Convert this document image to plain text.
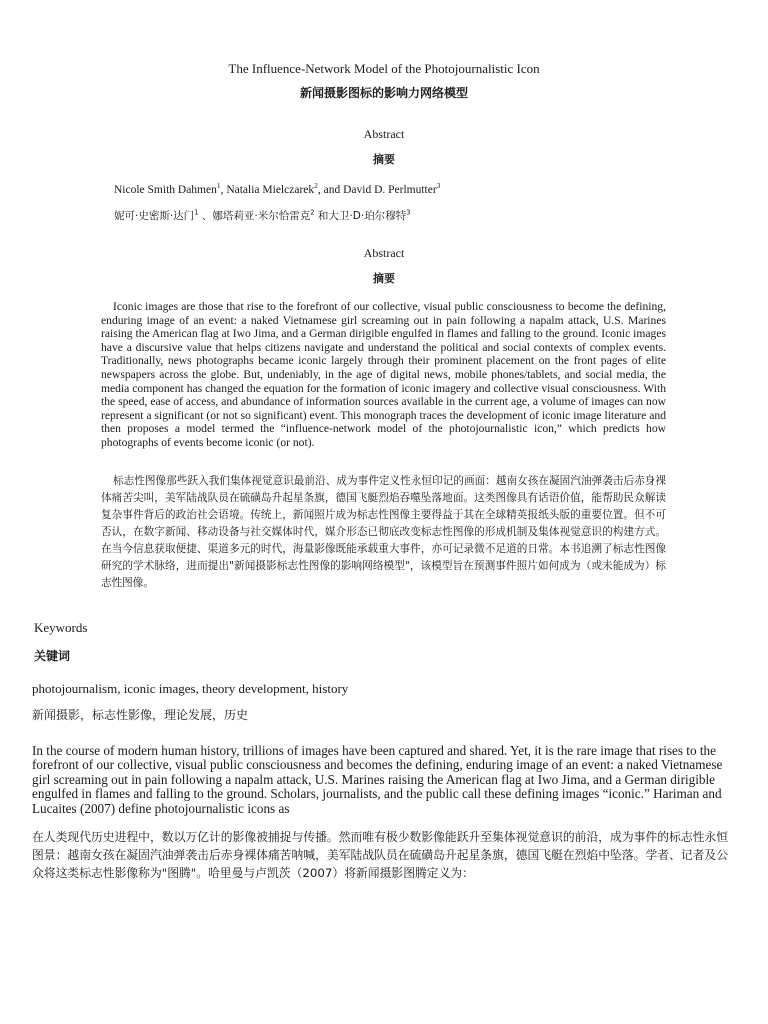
The Influence-Network Model of the Photojournalistic Icon
新闻摄影图标的影响力网络模型
Abstract
摘要
Nicole Smith Dahmen$^1$, Natalia Mielczarek$^2$, and David D. Perlmutter$^3$
妮可·史密斯·达门$^1$ 、娜塔莉亚·米尔恰雷克$^2$ 和大卫·D·珀尔穆特$^3$
Abstract
摘要
Iconic images are those that rise to the forefront of our collective, visual public consciousness to become the defining, enduring image of an event: a naked Vietnamese girl screaming out in pain following a napalm attack, U.S. Marines raising the American flag at Iwo Jima, and a German dirigible engulfed in flames and falling to the ground. Iconic images have a discursive value that helps citizens navigate and understand the political and social contexts of complex events. Traditionally, news photographs became iconic largely through their prominent placement on the front pages of elite newspapers across the globe. But, undeniably, in the age of digital news, mobile phones/tablets, and social media, the media component has changed the equation for the formation of iconic imagery and collective visual consciousness. With the speed, ease of access, and abundance of information sources available in the current age, a volume of images can now represent a significant (or not so significant) event. This monograph traces the development of iconic image literature and then proposes a model termed the “influence-network model of the photojournalistic icon,” which predicts how photographs of events become iconic (or not).
标志性图像那些跃入我们集体视觉意识最前沿、成为事件定义性永恒印记的画面：越南女孩在凝固汽油弹袭击后赤身裸体痛苦尖叫，美军陆战队员在硫磺岛升起星条旗，德国飞艇烈焰吞噬坠落地面。这类图像具有话语价值，能帮助民众解读复杂事件背后的政治社会语境。传统上，新闻照片成为标志性图像主要得益于其在全球精英报纸头版的重要位置。但不可否认，在数字新闻、移动设备与社交媒体时代，媒介形态已彻底改变标志性图像的形成机制及集体视觉意识的构建方式。在当今信息获取便捷、渠道多元的时代，海量影像既能承载重大事件，亦可记录微不足道的日常。本书追溯了标志性图像研究的学术脉络，进而提出"新闻摄影标志性图像的影响网络模型"，该模型旨在预测事件照片如何成为（或未能成为）标志性图像。
Keywords
关键词
photojournalism, iconic images, theory development, history
新闻摄影，标志性影像，理论发展，历史
In the course of modern human history, trillions of images have been captured and shared. Yet, it is the rare image that rises to the forefront of our collective, visual public consciousness and becomes the defining, enduring image of an event: a naked Vietnamese girl screaming out in pain following a napalm attack, U.S. Marines raising the American flag at Iwo Jima, and a German dirigible engulfed in flames and falling to the ground. Scholars, journalists, and the public call these defining images “iconic.” Hariman and Lucaites (2007) define photojournalistic icons as
在人类现代历史进程中，数以万亿计的影像被捕捉与传播。然而唯有极少数影像能跃升至集体视觉意识的前沿，成为事件的标志性永恒图景：越南女孩在凝固汽油弹袭击后赤身裸体痛苦呐喊，美军陆战队员在硫磺岛升起星条旗，德国飞艇在烈焰中坠落。学者、记者及公众将这类标志性影像称为"图腾"。哈里曼与卢凯茨（2007）将新闻摄影图腾定义为：
